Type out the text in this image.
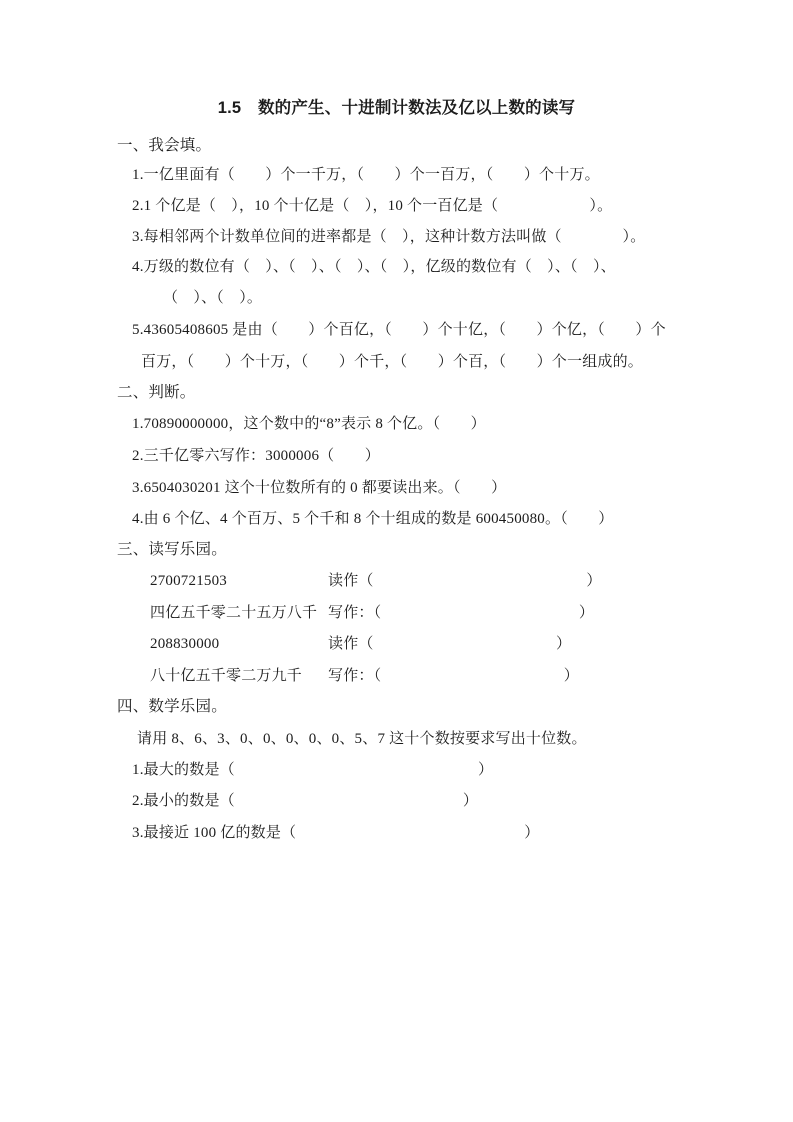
1.5　数的产生、十进制计数法及亿以上数的读写
一、我会填。
1.一亿里面有（　　）个一千万，（　　）个一百万，（　　）个十万。
2.1 个亿是（　），10 个十亿是（　），10 个一百亿是（　　　　　　）。
3.每相邻两个计数单位间的进率都是（　），这种计数方法叫做（　　　　）。
4.万级的数位有（　）、（　）、（　）、（　），亿级的数位有（　）、（　）、
（　）、（　）。
5.43605408605 是由（　　）个百亿，（　　）个十亿，（　　）个亿，（　　）个
百万，（　　）个十万，（　　）个千，（　　）个百，（　　）个一组成的。
二、判断。
1.70890000000，这个数中的“8”表示 8 个亿。（　　）
2.三千亿零六写作：3000006（　　）
3.6504030201 这个十位数所有的 0 都要读出来。（　　）
4.由 6 个亿、4 个百万、5 个千和 8 个十组成的数是 600450080。（　　）
三、读写乐园。
2700721503	读作（　　　　　　　　　　　　　　）
四亿五千零二十五万八千 写作：（　　　　　　　　　　　　　）
208830000	读作（　　　　　　　　　　　　）
八十亿五千零二万九千 写作：（　　　　　　　　　　　　）
四、数学乐园。
请用 8、6、3、0、0、0、0、0、5、7 这十个数按要求写出十位数。
1.最大的数是（　　　　　　　　　　　　　　　　）
2.最小的数是（　　　　　　　　　　　　　　　）
3.最接近 100 亿的数是（　　　　　　　　　　　　　　　）
